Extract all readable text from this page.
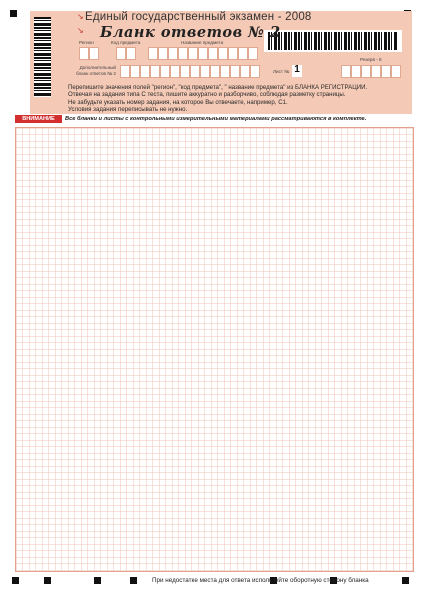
↘ Единый государственный экзамен - 2008
↘ Бланк ответов № 2
Регион	Код предмета	Название предмета
Резерв - 8
Дополнительный
бланк ответов № 2	Лист № 1
Перепишите значения полей "регион", "код предмета", " название предмета" из БЛАНКА РЕГИСТРАЦИИ.
Отвечая на задания типа С теста, пишите аккуратно и разборчиво, соблюдая разметку страницы.
Не забудьте указать номер задания, на которое Вы отвечаете, например, С1.
Условия задания переписывать не нужно.
ВНИМАНИЕ	Все бланки и листы с контрольными измерительными материалами рассматриваются в комплекте.
При недостатке места для ответа используйте оборотную сторону бланка
